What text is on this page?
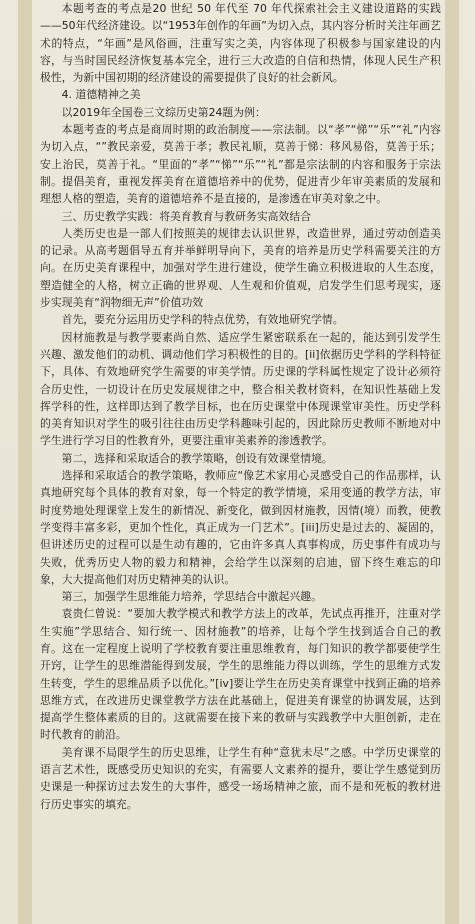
本题考查的考点是20 世纪 50 年代至 70 年代探索社会主义建设道路的实践——50年代经济建设。以“1953年创作的年画”为切入点，其内容分析时关注年画艺术的特点，“年画”是风俗画，注重写实之美，内容体现了积极参与国家建设的内容，与当时国民经济恢复基本完全，进行三大改造的自信和热情，体现人民生产积极性，为新中国初期的经济建设的需要提供了良好的社会新风。

4. 道德精神之美

以2019年全国卷三文综历史第24题为例：

本题考查的考点是商周时期的政治制度——宗法制。以“孝”“悌”“乐”“礼”内容为切入点，“”教民亲爱，莫善于孝；教民礼顺，莫善于悌：移风易俗，莫善于乐；安上治民，莫善于礼。“里面的“孝”“悌”“乐”“礼”都是宗法制的内容和服务于宗法制。提倡美育，重视发挥美育在道德培养中的优势，促进青少年审美素质的发展和理想人格的塑造，美育的道德培养不是直接的，是渗透在审美对象之中。

三、历史教学实践：将美育教育与教研务实高效结合

人类历史也是一部人们按照美的规律去认识世界，改造世界，通过劳动创造美的记录。从高考题倡导五育并举鲜明导向下，美育的培养是历史学科需要关注的方向。在历史美育课程中，加强对学生进行建设，使学生确立积极进取的人生态度，塑造健全的人格，树立正确的世界观、人生观和价值观，启发学生们思考现实，逐步实现美育“润物细无声”价值功效

首先，要充分运用历史学科的特点优势，有效地研究学情。

因材施教是与教学要素尚自然、适应学生紧密联系在一起的，能达到引发学生兴趣、激发他们的动机、调动他们学习积极性的目的。[ii]依据历史学科的学科特征下，具体、有效地研究学生需要的审美学情。历史课的学科属性规定了设计必须符合历史性，一切设计在历史发展规律之中，整合相关教材资料，在知识性基础上发挥学科的性，这样即达到了教学目标，也在历史课堂中体现课堂审美性。历史学科的美育知识对学生的吸引往往由历史学科趣味引起的，因此除历史教师不断地对中学生进行学习目的性教育外，更要注重审美素养的渗透教学。

第二，选择和采取适合的教学策略，创设有效课堂情境。

选择和采取适合的教学策略，教师应“像艺术家用心灵感受自己的作品那样，认真地研究每个具体的教育对象，每一个特定的教学情境，采用变通的教学方法，审时度势地处理课堂上发生的新情况、新变化，做到因材施教，因情(境）而教，使教学变得丰富多彩，更加个性化，真正成为一门艺术”。[iii]历史是过去的、凝固的，但讲述历史的过程可以是生动有趣的，它由许多真人真事构成，历史事件有成功与失败，优秀历史人物的毅力和精神，会给学生以深刻的启迪，留下终生难忘的印象，大大提高他们对历史精神美的认识。

第三，加强学生思维能力培养，学思结合中激起兴趣。

袁贵仁曾说：“要加大教学模式和教学方法上的改革，先试点再推开，注重对学生实施”学思结合、知行统一、因材施教”的培养，让每个学生找到适合自己的教育。这在一定程度上说明了学校教育要注重思维教育，每门知识的教学都要使学生开窍，让学生的思维潜能得到发展，学生的思维能力得以训练，学生的思维方式发生转变，学生的思维品质予以优化。”[iv]要让学生在历史美育课堂中找到正确的培养思维方式，在改进历史课堂教学方法在此基础上，促进美育课堂的协调发展，达到提高学生整体素质的目的。这就需要在接下来的教研与实践教学中大胆创新，走在时代教育的前沿。

美育课不局限学生的历史思维，让学生有种“意犹未尽”之感。中学历史课堂的语言艺术性，既感受历史知识的充实，有需要人文素养的提升，要让学生感觉到历史课是一种探访过去发生的大事件，感受一场场精神之旅，而不是和死板的教材进行历史事实的填充。
